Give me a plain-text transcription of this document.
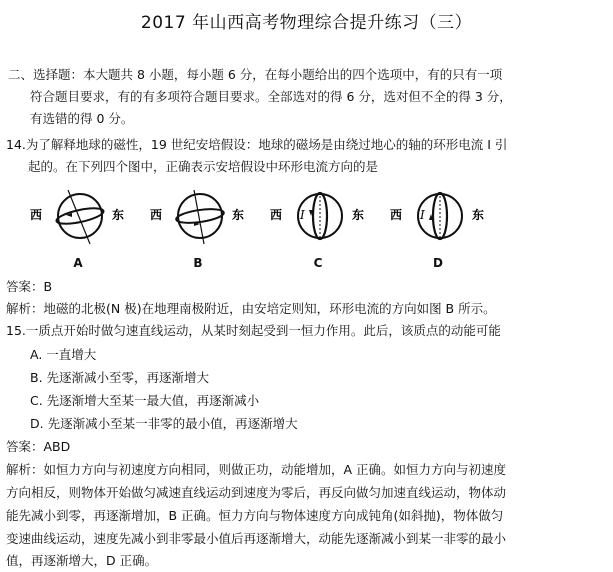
2017 年山西高考物理综合提升练习（三）
二、选择题：本大题共 8 小题，每小题 6 分，在每小题给出的四个选项中，有的只有一项
符合题目要求，有的有多项符合题目要求。全部选对的得 6 分，选对但不全的得 3 分，
有选错的得 0 分。
14.为了解释地球的磁性，19 世纪安培假设：地球的磁场是由绕过地心的轴的环形电流 I 引
起的。在下列四个图中，正确表示安培假设中环形电流方向的是
西	东
A
西	东
B
西	东
I
C
西	东
I
D
答案：B
解析：地磁的北极(N 极)在地理南极附近，由安培定则知，环形电流的方向如图 B 所示。
15.一质点开始时做匀速直线运动，从某时刻起受到一恒力作用。此后，该质点的动能可能
A. 一直增大
B. 先逐渐减小至零，再逐渐增大
C. 先逐渐增大至某一最大值，再逐渐减小
D. 先逐渐减小至某一非零的最小值，再逐渐增大
答案：ABD
解析：如恒力方向与初速度方向相同，则做正功，动能增加，A 正确。如恒力方向与初速度
方向相反，则物体开始做匀减速直线运动到速度为零后，再反向做匀加速直线运动，物体动
能先减小到零，再逐渐增加，B 正确。恒力方向与物体速度方向成钝角(如斜抛)，物体做匀
变速曲线运动，速度先减小到非零最小值后再逐渐增大，动能先逐渐减小到某一非零的最小
值，再逐渐增大，D 正确。
